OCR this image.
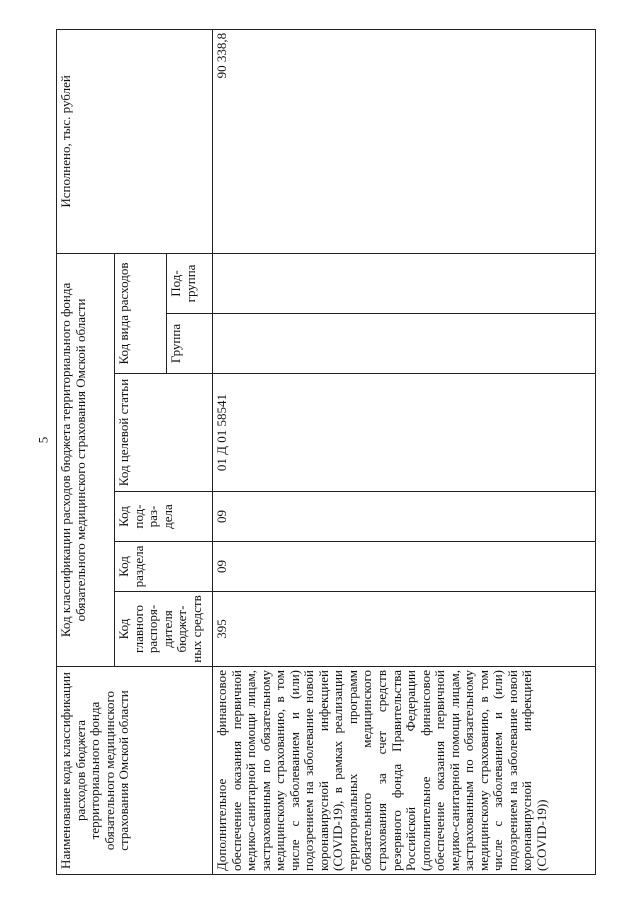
5
Наименование кода классификации расходов бюджета территориального фонда обязательного медицинского страхования Омской области	Код классификации расходов бюджета территориального фонда обязательного медицинского страхования Омской области						Исполнено, тыс. рублей
	Код главного распоря-дителя бюджет-ных средств	Код раздела	Код под-раз-дела	Код целевой статьи	Код вида расходов		
					Группа	Под-группа	
Дополнительное финансовое обеспечение оказания первичной медико-санитарной помощи лицам, застрахованным по обязательному медицинскому страхованию, в том числе с заболеванием и (или) подозрением на заболевание новой коронавирусной инфекцией (COVID-19), в рамках реализации территориальных программ обязательного медицинского страхования за счет средств резервного фонда Правительства Российской Федерации (дополнительное финансовое обеспечение оказания первичной медико-санитарной помощи лицам, застрахованным по обязательному медицинскому страхованию, в том числе с заболеванием и (или) подозрением на заболевание новой коронавирусной инфекцией (COVID-19))	395	09	09	01 Д 01 58541			90 338,8
